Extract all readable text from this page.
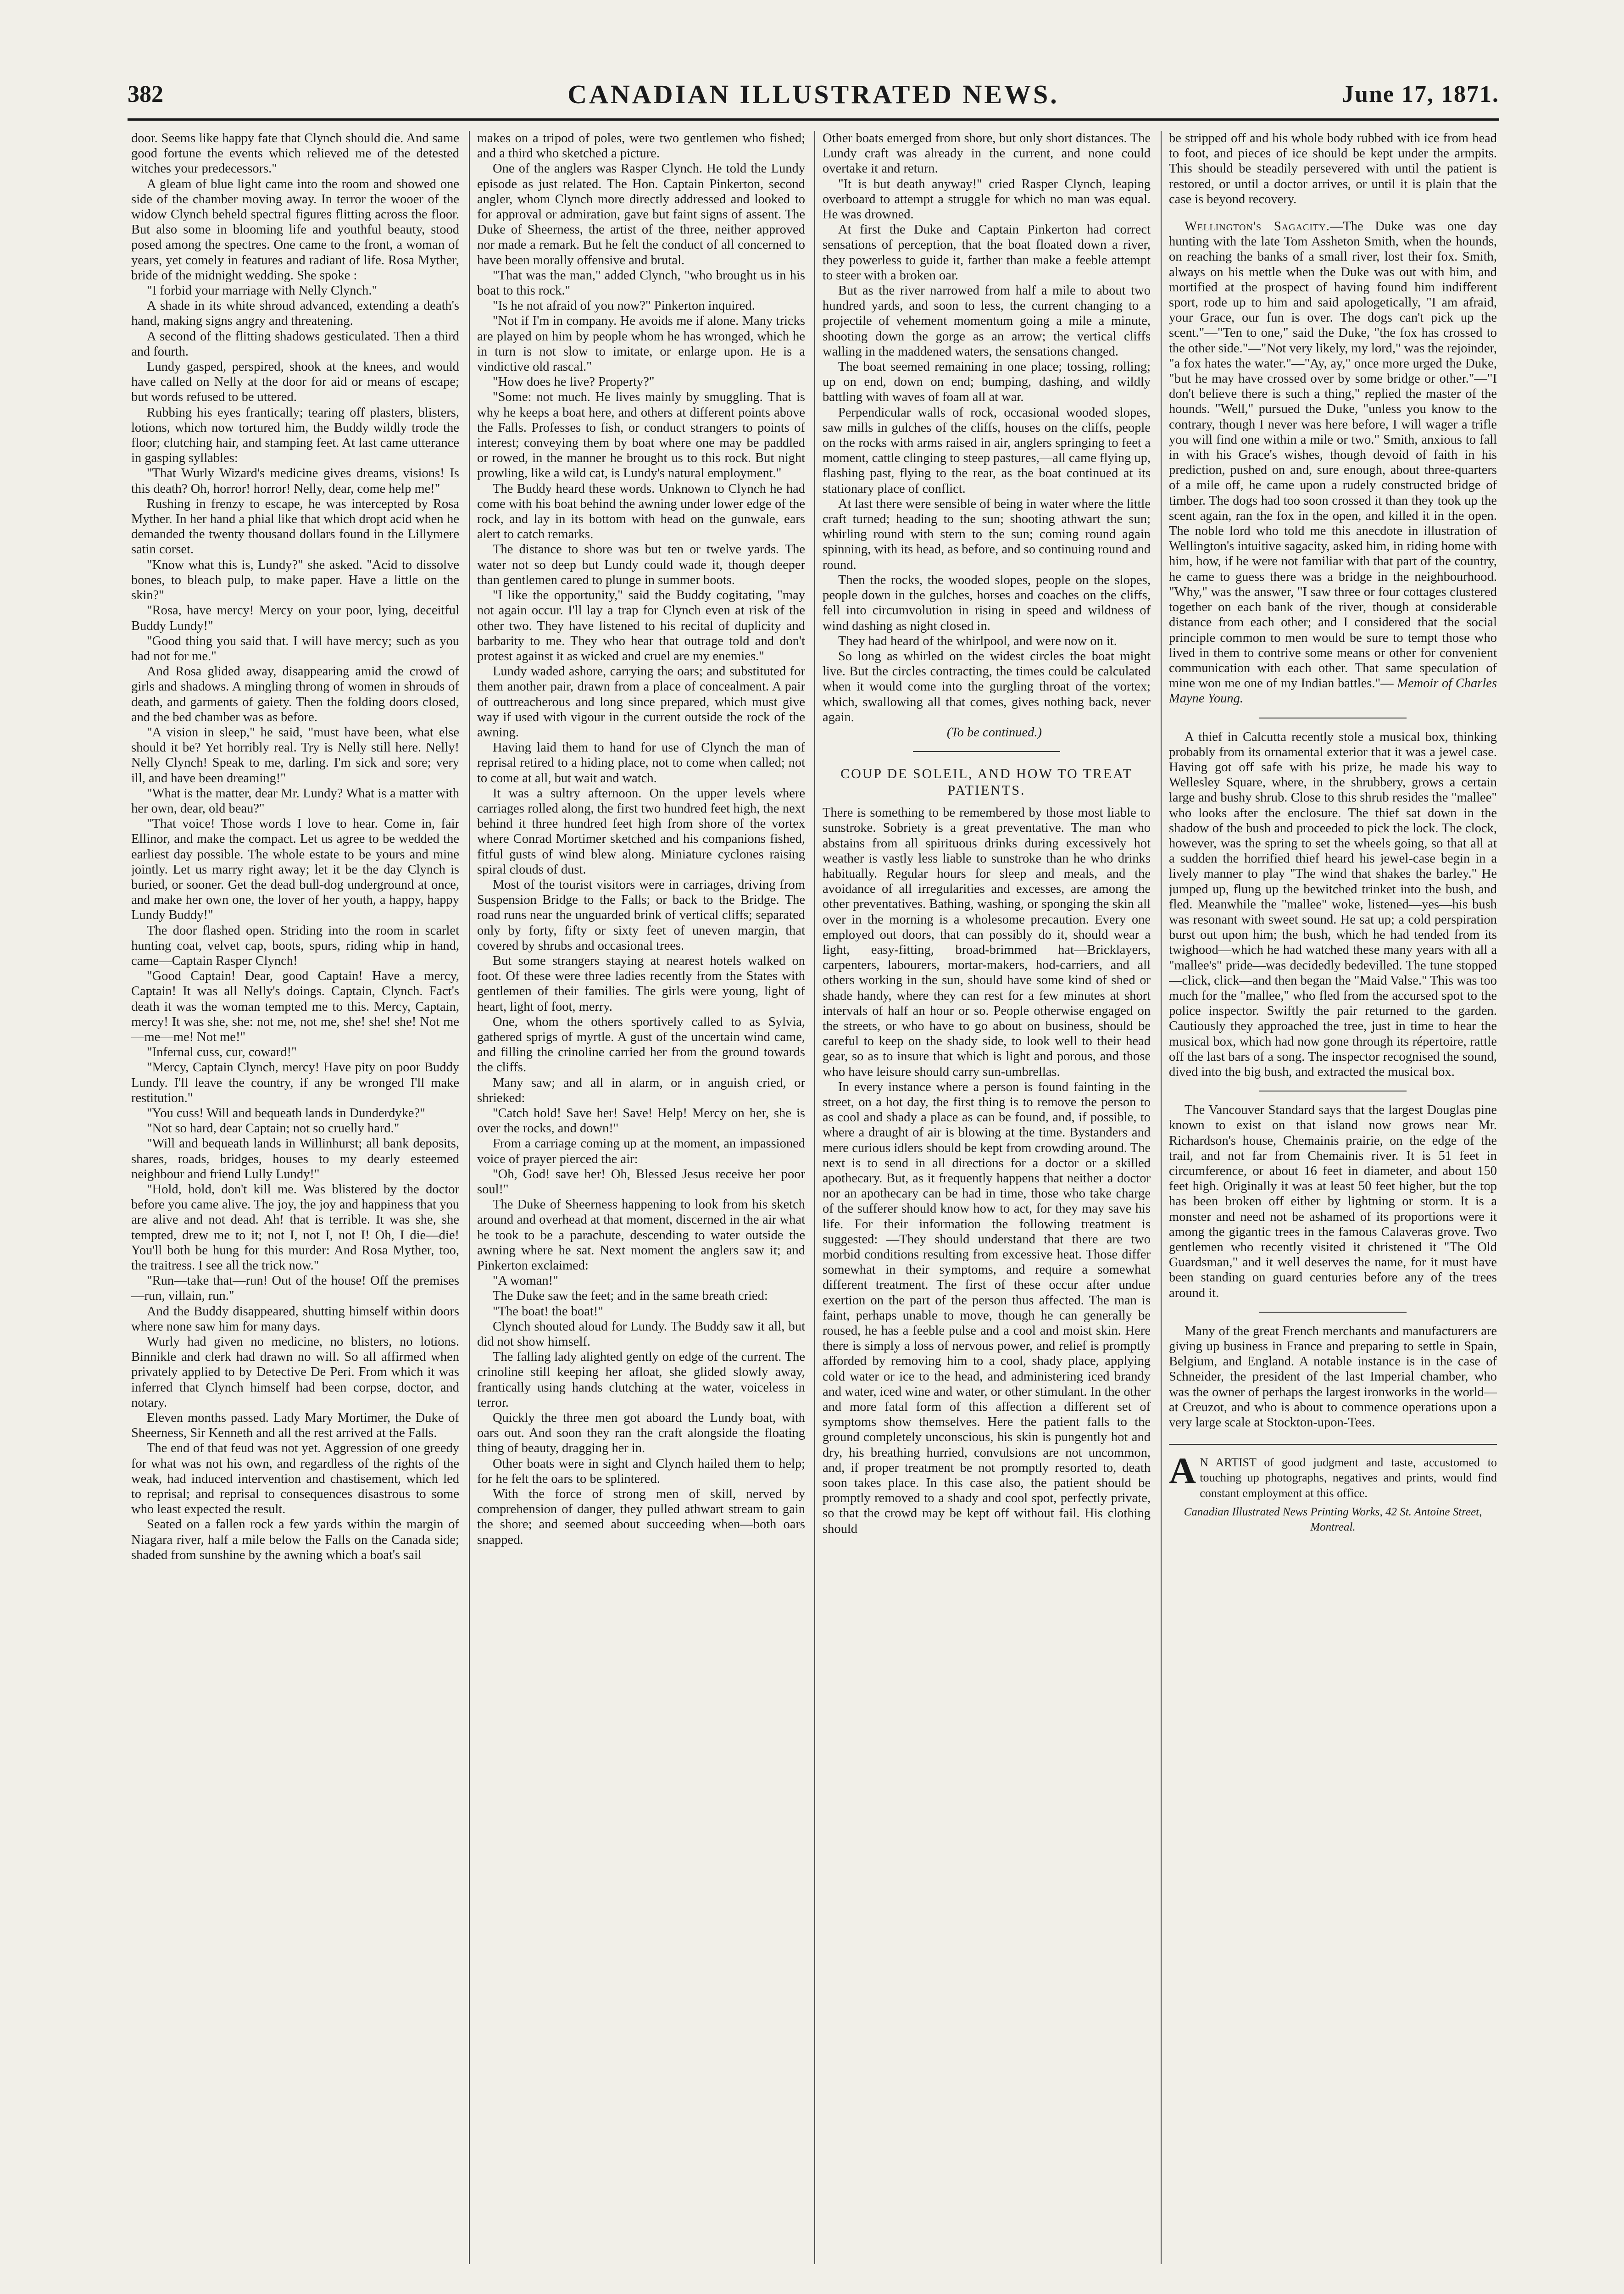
382	CANADIAN ILLUSTRATED NEWS.	June 17, 1871.

door. Seems like happy fate that Clynch should die. And same good fortune the events which relieved me of the detested witches your predecessors."

A gleam of blue light came into the room and showed one side of the chamber moving away. In terror the wooer of the widow Clynch beheld spectral figures flitting across the floor. But also some in blooming life and youthful beauty, stood posed among the spectres. One came to the front, a woman of years, yet comely in features and radiant of life. Rosa Myther, bride of the midnight wedding. She spoke :

"I forbid your marriage with Nelly Clynch."

A shade in its white shroud advanced, extending a death's hand, making signs angry and threatening.

A second of the flitting shadows gesticulated. Then a third and fourth.

Lundy gasped, perspired, shook at the knees, and would have called on Nelly at the door for aid or means of escape; but words refused to be uttered.

Rubbing his eyes frantically; tearing off plasters, blisters, lotions, which now tortured him, the Buddy wildly trode the floor; clutching hair, and stamping feet. At last came utterance in gasping syllables:

"That Wurly Wizard's medicine gives dreams, visions! Is this death? Oh, horror! horror! Nelly, dear, come help me!"

Rushing in frenzy to escape, he was intercepted by Rosa Myther. In her hand a phial like that which dropt acid when he demanded the twenty thousand dollars found in the Lillymere satin corset.

"Know what this is, Lundy?" she asked. "Acid to dissolve bones, to bleach pulp, to make paper. Have a little on the skin?"

"Rosa, have mercy! Mercy on your poor, lying, deceitful Buddy Lundy!"

"Good thing you said that. I will have mercy; such as you had not for me."

And Rosa glided away, disappearing amid the crowd of girls and shadows. A mingling throng of women in shrouds of death, and garments of gaiety. Then the folding doors closed, and the bed chamber was as before.

"A vision in sleep," he said, "must have been, what else should it be? Yet horribly real. Try is Nelly still here. Nelly! Nelly Clynch! Speak to me, darling. I'm sick and sore; very ill, and have been dreaming!"

"What is the matter, dear Mr. Lundy? What is a matter with her own, dear, old beau?"

"That voice! Those words I love to hear. Come in, fair Ellinor, and make the compact. Let us agree to be wedded the earliest day possible. The whole estate to be yours and mine jointly. Let us marry right away; let it be the day Clynch is buried, or sooner. Get the dead bull-dog underground at once, and make her own one, the lover of her youth, a happy, happy Lundy Buddy!"

The door flashed open. Striding into the room in scarlet hunting coat, velvet cap, boots, spurs, riding whip in hand, came—Captain Rasper Clynch!

"Good Captain! Dear, good Captain! Have a mercy, Captain! It was all Nelly's doings. Captain, Clynch. Fact's death it was the woman tempted me to this. Mercy, Captain, mercy! It was she, she: not me, not me, she! she! she! Not me—me—me! Not me!"

"Infernal cuss, cur, coward!"

"Mercy, Captain Clynch, mercy! Have pity on poor Buddy Lundy. I'll leave the country, if any be wronged I'll make restitution."

"You cuss! Will and bequeath lands in Dunderdyke?"

"Not so hard, dear Captain; not so cruelly hard."

"Will and bequeath lands in Willinhurst; all bank deposits, shares, roads, bridges, houses to my dearly esteemed neighbour and friend Lully Lundy!"

"Hold, hold, don't kill me. Was blistered by the doctor before you came alive. The joy, the joy and happiness that you are alive and not dead. Ah! that is terrible. It was she, she tempted, drew me to it; not I, not I, not I! Oh, I die—die! You'll both be hung for this murder: And Rosa Myther, too, the traitress. I see all the trick now."

"Run—take that—run! Out of the house! Off the premises—run, villain, run."

And the Buddy disappeared, shutting himself within doors where none saw him for many days.

Wurly had given no medicine, no blisters, no lotions. Binnikle and clerk had drawn no will. So all affirmed when privately applied to by Detective De Peri. From which it was inferred that Clynch himself had been corpse, doctor, and notary.

Eleven months passed. Lady Mary Mortimer, the Duke of Sheerness, Sir Kenneth and all the rest arrived at the Falls.

The end of that feud was not yet. Aggression of one greedy for what was not his own, and regardless of the rights of the weak, had induced intervention and chastisement, which led to reprisal; and reprisal to consequences disastrous to some who least expected the result.

Seated on a fallen rock a few yards within the margin of Niagara river, half a mile below the Falls on the Canada side; shaded from sunshine by the awning which a boat's sail

makes on a tripod of poles, were two gentlemen who fished; and a third who sketched a picture.

One of the anglers was Rasper Clynch. He told the Lundy episode as just related. The Hon. Captain Pinkerton, second angler, whom Clynch more directly addressed and looked to for approval or admiration, gave but faint signs of assent. The Duke of Sheerness, the artist of the three, neither approved nor made a remark. But he felt the conduct of all concerned to have been morally offensive and brutal.

"That was the man," added Clynch, "who brought us in his boat to this rock."

"Is he not afraid of you now?" Pinkerton inquired.

"Not if I'm in company. He avoids me if alone. Many tricks are played on him by people whom he has wronged, which he in turn is not slow to imitate, or enlarge upon. He is a vindictive old rascal."

"How does he live? Property?"

"Some: not much. He lives mainly by smuggling. That is why he keeps a boat here, and others at different points above the Falls. Professes to fish, or conduct strangers to points of interest; conveying them by boat where one may be paddled or rowed, in the manner he brought us to this rock. But night prowling, like a wild cat, is Lundy's natural employment."

The Buddy heard these words. Unknown to Clynch he had come with his boat behind the awning under lower edge of the rock, and lay in its bottom with head on the gunwale, ears alert to catch remarks.

The distance to shore was but ten or twelve yards. The water not so deep but Lundy could wade it, though deeper than gentlemen cared to plunge in summer boots.

"I like the opportunity," said the Buddy cogitating, "may not again occur. I'll lay a trap for Clynch even at risk of the other two. They have listened to his recital of duplicity and barbarity to me. They who hear that outrage told and don't protest against it as wicked and cruel are my enemies."

Lundy waded ashore, carrying the oars; and substituted for them another pair, drawn from a place of concealment. A pair of outtreacherous and long since prepared, which must give way if used with vigour in the current outside the rock of the awning.

Having laid them to hand for use of Clynch the man of reprisal retired to a hiding place, not to come when called; not to come at all, but wait and watch.

It was a sultry afternoon. On the upper levels where carriages rolled along, the first two hundred feet high, the next behind it three hundred feet high from shore of the vortex where Conrad Mortimer sketched and his companions fished, fitful gusts of wind blew along. Miniature cyclones raising spiral clouds of dust.

Most of the tourist visitors were in carriages, driving from Suspension Bridge to the Falls; or back to the Bridge. The road runs near the unguarded brink of vertical cliffs; separated only by forty, fifty or sixty feet of uneven margin, that covered by shrubs and occasional trees.

But some strangers staying at nearest hotels walked on foot. Of these were three ladies recently from the States with gentlemen of their families. The girls were young, light of heart, light of foot, merry.

One, whom the others sportively called to as Sylvia, gathered sprigs of myrtle. A gust of the uncertain wind came, and filling the crinoline carried her from the ground towards the cliffs.

Many saw; and all in alarm, or in anguish cried, or shrieked:

"Catch hold! Save her! Save! Help! Mercy on her, she is over the rocks, and down!"

From a carriage coming up at the moment, an impassioned voice of prayer pierced the air:

"Oh, God! save her! Oh, Blessed Jesus receive her poor soul!"

The Duke of Sheerness happening to look from his sketch around and overhead at that moment, discerned in the air what he took to be a parachute, descending to water outside the awning where he sat. Next moment the anglers saw it; and Pinkerton exclaimed:

"A woman!"

The Duke saw the feet; and in the same breath cried:

"The boat! the boat!"

Clynch shouted aloud for Lundy. The Buddy saw it all, but did not show himself.

The falling lady alighted gently on edge of the current. The crinoline still keeping her afloat, she glided slowly away, frantically using hands clutching at the water, voiceless in terror.

Quickly the three men got aboard the Lundy boat, with oars out. And soon they ran the craft alongside the floating thing of beauty, dragging her in.

Other boats were in sight and Clynch hailed them to help; for he felt the oars to be splintered.

With the force of strong men of skill, nerved by comprehension of danger, they pulled athwart stream to gain the shore; and seemed about succeeding when—both oars snapped.

Other boats emerged from shore, but only short distances. The Lundy craft was already in the current, and none could overtake it and return.

"It is but death anyway!" cried Rasper Clynch, leaping overboard to attempt a struggle for which no man was equal. He was drowned.

At first the Duke and Captain Pinkerton had correct sensations of perception, that the boat floated down a river, they powerless to guide it, farther than make a feeble attempt to steer with a broken oar.

But as the river narrowed from half a mile to about two hundred yards, and soon to less, the current changing to a projectile of vehement momentum going a mile a minute, shooting down the gorge as an arrow; the vertical cliffs walling in the maddened waters, the sensations changed.

The boat seemed remaining in one place; tossing, rolling; up on end, down on end; bumping, dashing, and wildly battling with waves of foam all at war.

Perpendicular walls of rock, occasional wooded slopes, saw mills in gulches of the cliffs, houses on the cliffs, people on the rocks with arms raised in air, anglers springing to feet a moment, cattle clinging to steep pastures,—all came flying up, flashing past, flying to the rear, as the boat continued at its stationary place of conflict.

At last there were sensible of being in water where the little craft turned; heading to the sun; shooting athwart the sun; whirling round with stern to the sun; coming round again spinning, with its head, as before, and so continuing round and round.

Then the rocks, the wooded slopes, people on the slopes, people down in the gulches, horses and coaches on the cliffs, fell into circumvolution in rising in speed and wildness of wind dashing as night closed in.

They had heard of the whirlpool, and were now on it.

So long as whirled on the widest circles the boat might live. But the circles contracting, the times could be calculated when it would come into the gurgling throat of the vortex; which, swallowing all that comes, gives nothing back, never again.

(To be continued.)

COUP DE SOLEIL, AND HOW TO TREAT PATIENTS.

There is something to be remembered by those most liable to sunstroke. Sobriety is a great preventative. The man who abstains from all spirituous drinks during excessively hot weather is vastly less liable to sunstroke than he who drinks habitually. Regular hours for sleep and meals, and the avoidance of all irregularities and excesses, are among the other preventatives. Bathing, washing, or sponging the skin all over in the morning is a wholesome precaution. Every one employed out doors, that can possibly do it, should wear a light, easy-fitting, broad-brimmed hat—Bricklayers, carpenters, labourers, mortar-makers, hod-carriers, and all others working in the sun, should have some kind of shed or shade handy, where they can rest for a few minutes at short intervals of half an hour or so. People otherwise engaged on the streets, or who have to go about on business, should be careful to keep on the shady side, to look well to their head gear, so as to insure that which is light and porous, and those who have leisure should carry sun-umbrellas.

In every instance where a person is found fainting in the street, on a hot day, the first thing is to remove the person to as cool and shady a place as can be found, and, if possible, to where a draught of air is blowing at the time. Bystanders and mere curious idlers should be kept from crowding around. The next is to send in all directions for a doctor or a skilled apothecary. But, as it frequently happens that neither a doctor nor an apothecary can be had in time, those who take charge of the sufferer should know how to act, for they may save his life. For their information the following treatment is suggested: —They should understand that there are two morbid conditions resulting from excessive heat. Those differ somewhat in their symptoms, and require a somewhat different treatment. The first of these occur after undue exertion on the part of the person thus affected. The man is faint, perhaps unable to move, though he can generally be roused, he has a feeble pulse and a cool and moist skin. Here there is simply a loss of nervous power, and relief is promptly afforded by removing him to a cool, shady place, applying cold water or ice to the head, and administering iced brandy and water, iced wine and water, or other stimulant. In the other and more fatal form of this affection a different set of symptoms show themselves. Here the patient falls to the ground completely unconscious, his skin is pungently hot and dry, his breathing hurried, convulsions are not uncommon, and, if proper treatment be not promptly resorted to, death soon takes place. In this case also, the patient should be promptly removed to a shady and cool spot, perfectly private, so that the crowd may be kept off without fail. His clothing should

be stripped off and his whole body rubbed with ice from head to foot, and pieces of ice should be kept under the armpits. This should be steadily persevered with until the patient is restored, or until a doctor arrives, or until it is plain that the case is beyond recovery.

Wellington's Sagacity.—The Duke was one day hunting with the late Tom Assheton Smith, when the hounds, on reaching the banks of a small river, lost their fox. Smith, always on his mettle when the Duke was out with him, and mortified at the prospect of having found him indifferent sport, rode up to him and said apologetically, "I am afraid, your Grace, our fun is over. The dogs can't pick up the scent."—"Ten to one," said the Duke, "the fox has crossed to the other side."—"Not very likely, my lord," was the rejoinder, "a fox hates the water."—"Ay, ay," once more urged the Duke, "but he may have crossed over by some bridge or other."—"I don't believe there is such a thing," replied the master of the hounds. "Well," pursued the Duke, "unless you know to the contrary, though I never was here before, I will wager a trifle you will find one within a mile or two." Smith, anxious to fall in with his Grace's wishes, though devoid of faith in his prediction, pushed on and, sure enough, about three-quarters of a mile off, he came upon a rudely constructed bridge of timber. The dogs had too soon crossed it than they took up the scent again, ran the fox in the open, and killed it in the open. The noble lord who told me this anecdote in illustration of Wellington's intuitive sagacity, asked him, in riding home with him, how, if he were not familiar with that part of the country, he came to guess there was a bridge in the neighbourhood. "Why," was the answer, "I saw three or four cottages clustered together on each bank of the river, though at considerable distance from each other; and I considered that the social principle common to men would be sure to tempt those who lived in them to contrive some means or other for convenient communication with each other. That same speculation of mine won me one of my Indian battles."— Memoir of Charles Mayne Young.

A thief in Calcutta recently stole a musical box, thinking probably from its ornamental exterior that it was a jewel case. Having got off safe with his prize, he made his way to Wellesley Square, where, in the shrubbery, grows a certain large and bushy shrub. Close to this shrub resides the "mallee" who looks after the enclosure. The thief sat down in the shadow of the bush and proceeded to pick the lock. The clock, however, was the spring to set the wheels going, so that all at a sudden the horrified thief heard his jewel-case begin in a lively manner to play "The wind that shakes the barley." He jumped up, flung up the bewitched trinket into the bush, and fled. Meanwhile the "mallee" woke, listened—yes—his bush was resonant with sweet sound. He sat up; a cold perspiration burst out upon him; the bush, which he had tended from its twighood—which he had watched these many years with all a "mallee's" pride—was decidedly bedevilled. The tune stopped—click, click—and then began the "Maid Valse." This was too much for the "mallee," who fled from the accursed spot to the police inspector. Swiftly the pair returned to the garden. Cautiously they approached the tree, just in time to hear the musical box, which had now gone through its répertoire, rattle off the last bars of a song. The inspector recognised the sound, dived into the big bush, and extracted the musical box.

The Vancouver Standard says that the largest Douglas pine known to exist on that island now grows near Mr. Richardson's house, Chemainis prairie, on the edge of the trail, and not far from Chemainis river. It is 51 feet in circumference, or about 16 feet in diameter, and about 150 feet high. Originally it was at least 50 feet higher, but the top has been broken off either by lightning or storm. It is a monster and need not be ashamed of its proportions were it among the gigantic trees in the famous Calaveras grove. Two gentlemen who recently visited it christened it "The Old Guardsman," and it well deserves the name, for it must have been standing on guard centuries before any of the trees around it.

Many of the great French merchants and manufacturers are giving up business in France and preparing to settle in Spain, Belgium, and England. A notable instance is in the case of Schneider, the president of the last Imperial chamber, who was the owner of perhaps the largest ironworks in the world—at Creuzot, and who is about to commence operations upon a very large scale at Stockton-upon-Tees.

A N ARTIST of good judgment and taste, accustomed to touching up photographs, negatives and prints, would find constant employment at this office.
Canadian Illustrated News Printing Works, 42 St. Antoine Street, Montreal.
